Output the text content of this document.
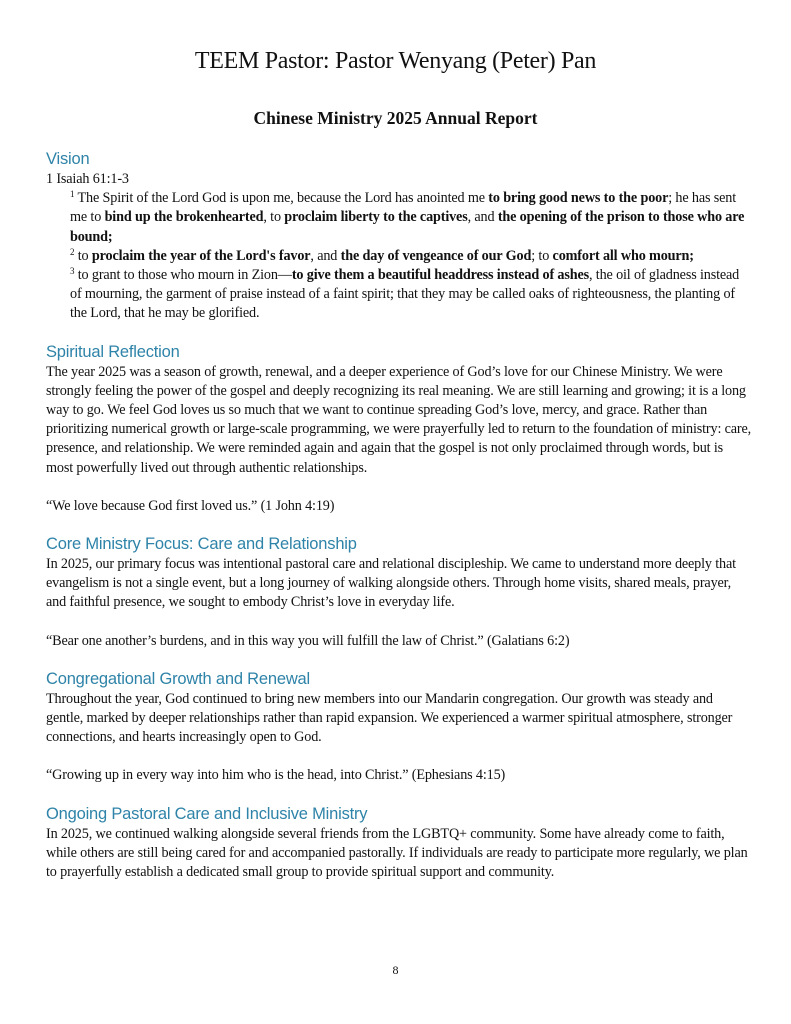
TEEM Pastor: Pastor Wenyang (Peter) Pan
Chinese Ministry 2025 Annual Report
Vision

1 Isaiah 61:1-3

$^1$ The Spirit of the Lord God is upon me, because the Lord has anointed me to bring good news to the poor; he has sent me to bind up the brokenhearted, to proclaim liberty to the captives, and the opening of the prison to those who are bound;

$^2$ to proclaim the year of the Lord's favor, and the day of vengeance of our God; to comfort all who mourn;

$^3$ to grant to those who mourn in Zion—to give them a beautiful headdress instead of ashes, the oil of gladness instead of mourning, the garment of praise instead of a faint spirit; that they may be called oaks of righteousness, the planting of the Lord, that he may be glorified.

Spiritual Reflection

The year 2025 was a season of growth, renewal, and a deeper experience of God’s love for our Chinese Ministry. We were strongly feeling the power of the gospel and deeply recognizing its real meaning. We are still learning and growing; it is a long way to go. We feel God loves us so much that we want to continue spreading God’s love, mercy, and grace. Rather than prioritizing numerical growth or large-scale programming, we were prayerfully led to return to the foundation of ministry: care, presence, and relationship. We were reminded again and again that the gospel is not only proclaimed through words, but is most powerfully lived out through authentic relationships.

“We love because God first loved us.” (1 John 4:19)

Core Ministry Focus: Care and Relationship

In 2025, our primary focus was intentional pastoral care and relational discipleship. We came to understand more deeply that evangelism is not a single event, but a long journey of walking alongside others. Through home visits, shared meals, prayer, and faithful presence, we sought to embody Christ’s love in everyday life.

“Bear one another’s burdens, and in this way you will fulfill the law of Christ.” (Galatians 6:2)

Congregational Growth and Renewal

Throughout the year, God continued to bring new members into our Mandarin congregation. Our growth was steady and gentle, marked by deeper relationships rather than rapid expansion. We experienced a warmer spiritual atmosphere, stronger connections, and hearts increasingly open to God.

“Growing up in every way into him who is the head, into Christ.” (Ephesians 4:15)

Ongoing Pastoral Care and Inclusive Ministry

In 2025, we continued walking alongside several friends from the LGBTQ+ community. Some have already come to faith, while others are still being cared for and accompanied pastorally. If individuals are ready to participate more regularly, we plan to prayerfully establish a dedicated small group to provide spiritual support and community.

8
